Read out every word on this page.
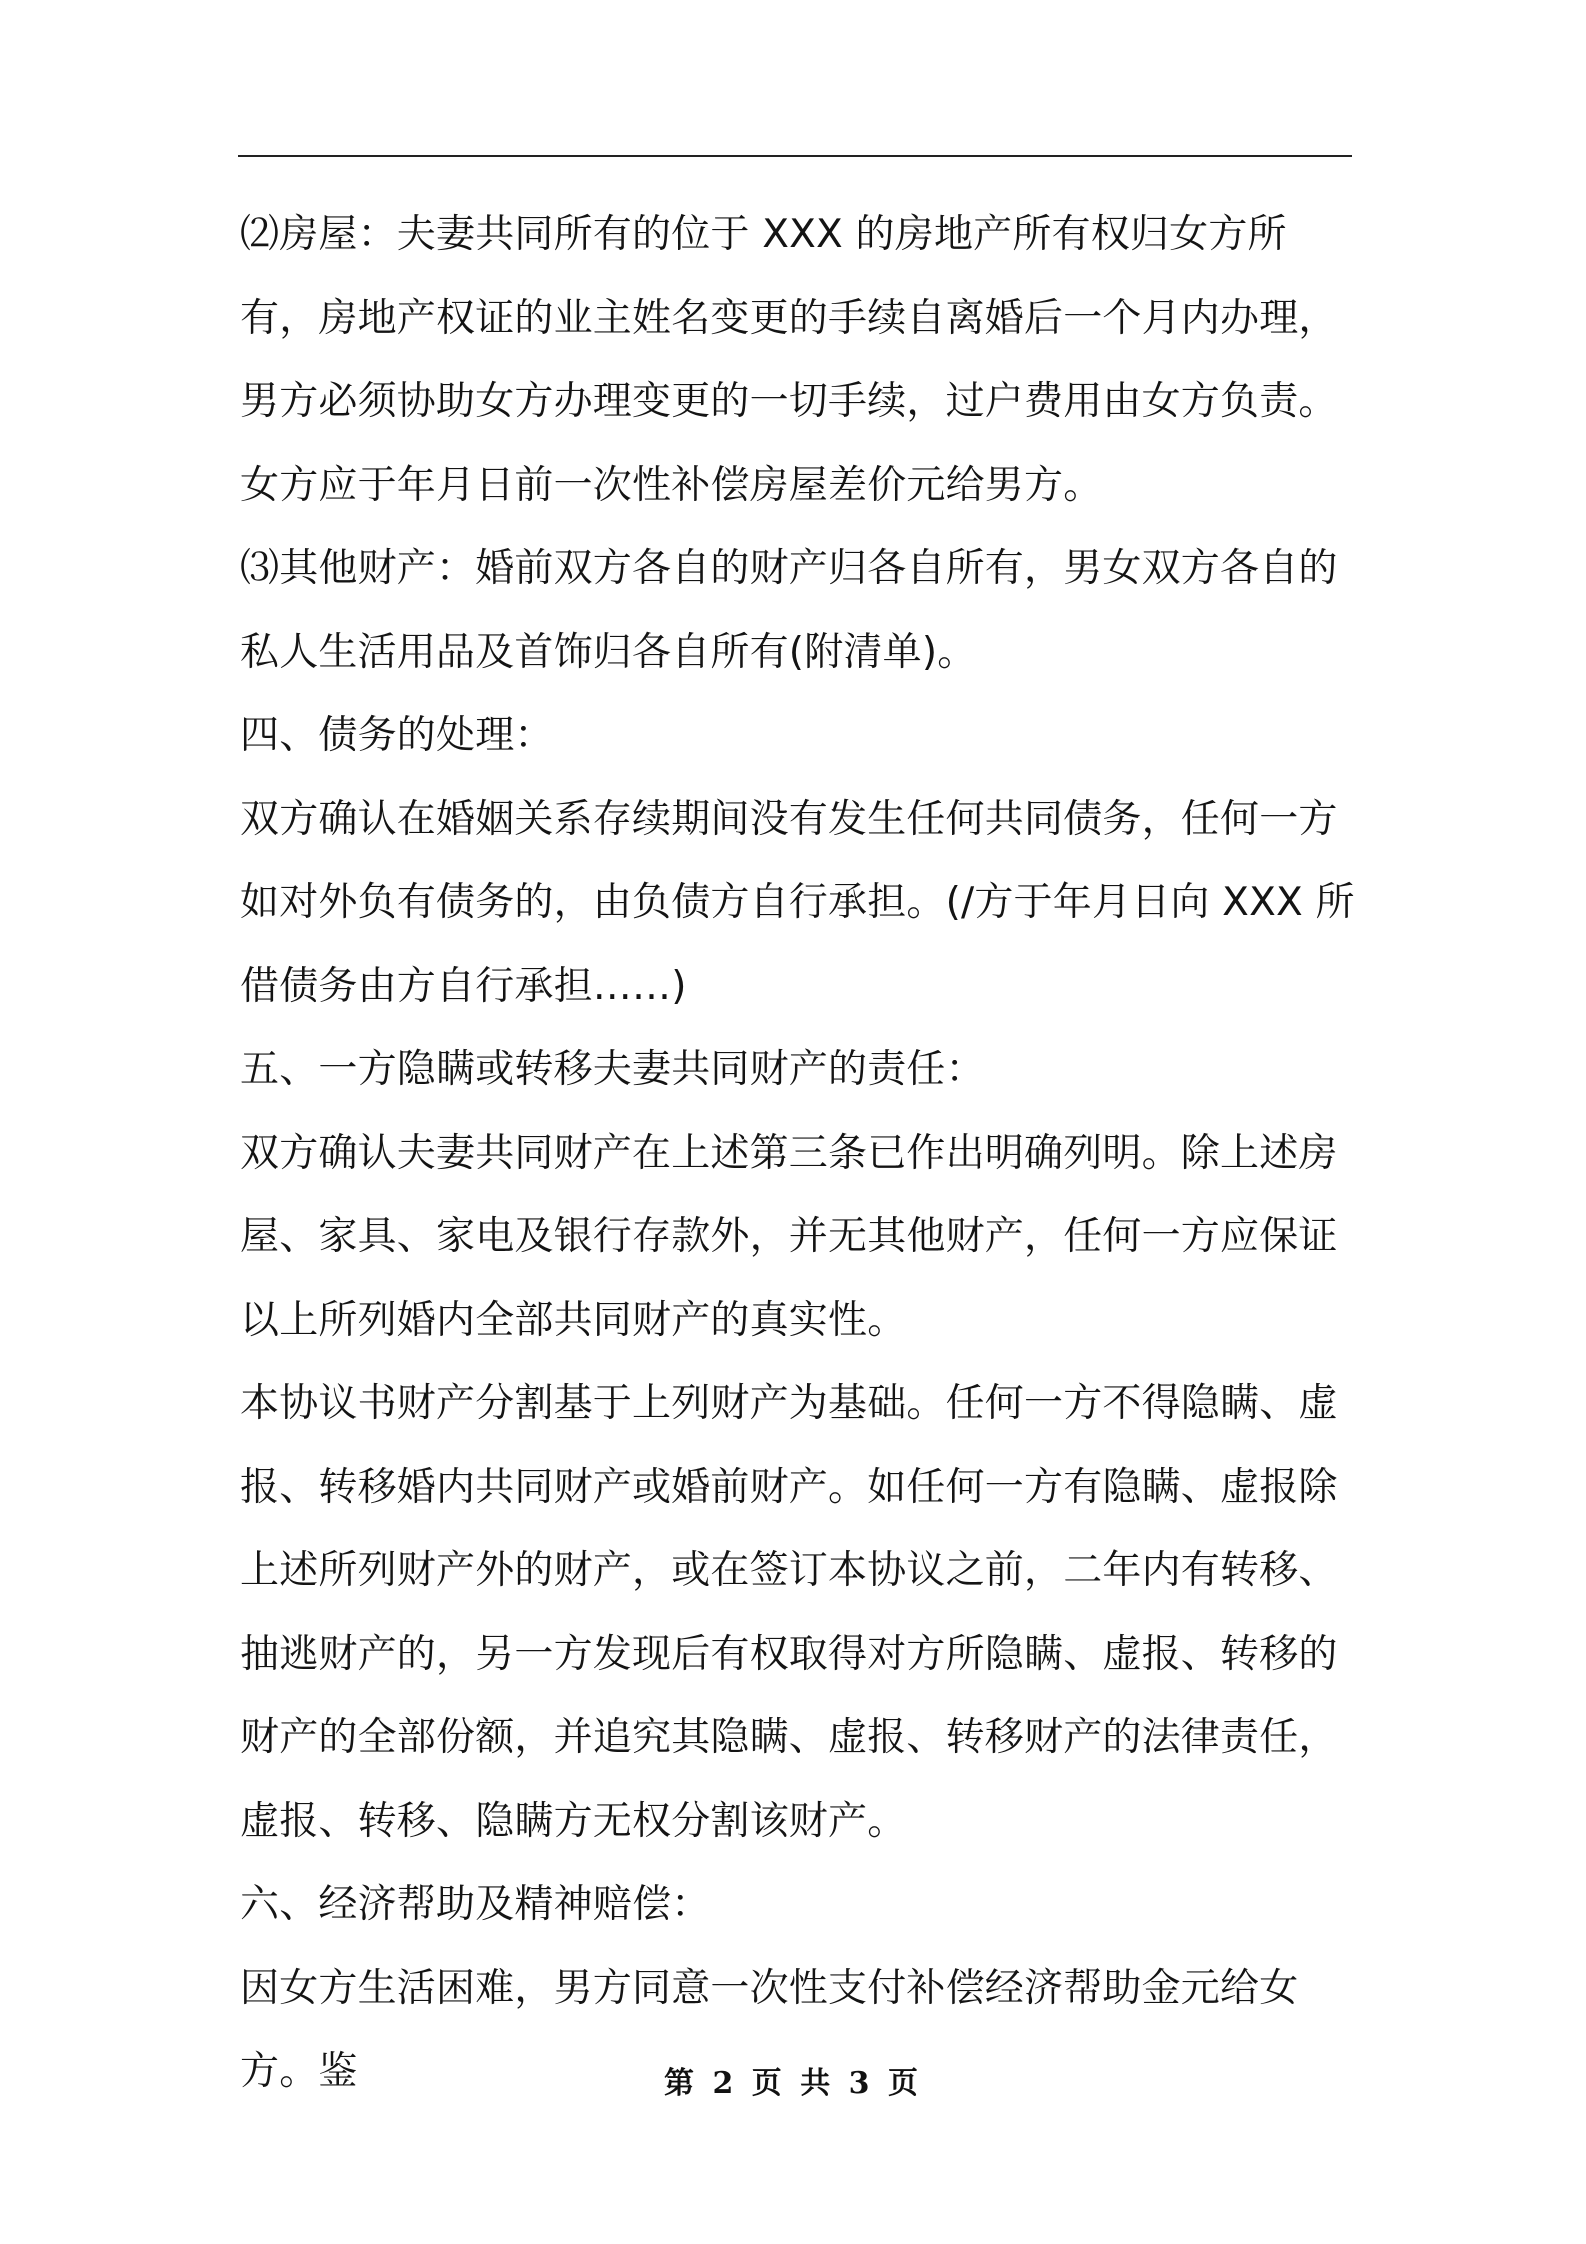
⑵房屋：夫妻共同所有的位于 XXX 的房地产所有权归女方所有，房地产权证的业主姓名变更的手续自离婚后一个月内办理，男方必须协助女方办理变更的一切手续，过户费用由女方负责。女方应于年月日前一次性补偿房屋差价元给男方。

⑶其他财产：婚前双方各自的财产归各自所有，男女双方各自的私人生活用品及首饰归各自所有(附清单)。

四、债务的处理：

双方确认在婚姻关系存续期间没有发生任何共同债务，任何一方如对外负有债务的，由负债方自行承担。(/方于年月日向 XXX 所借债务由方自行承担……)

五、一方隐瞒或转移夫妻共同财产的责任：

双方确认夫妻共同财产在上述第三条已作出明确列明。除上述房屋、家具、家电及银行存款外，并无其他财产，任何一方应保证以上所列婚内全部共同财产的真实性。

本协议书财产分割基于上列财产为基础。任何一方不得隐瞒、虚报、转移婚内共同财产或婚前财产。如任何一方有隐瞒、虚报除上述所列财产外的财产，或在签订本协议之前，二年内有转移、抽逃财产的，另一方发现后有权取得对方所隐瞒、虚报、转移的财产的全部份额，并追究其隐瞒、虚报、转移财产的法律责任，虚报、转移、隐瞒方无权分割该财产。

六、经济帮助及精神赔偿：

因女方生活困难，男方同意一次性支付补偿经济帮助金元给女方。鉴	第 2 页 共 3 页
